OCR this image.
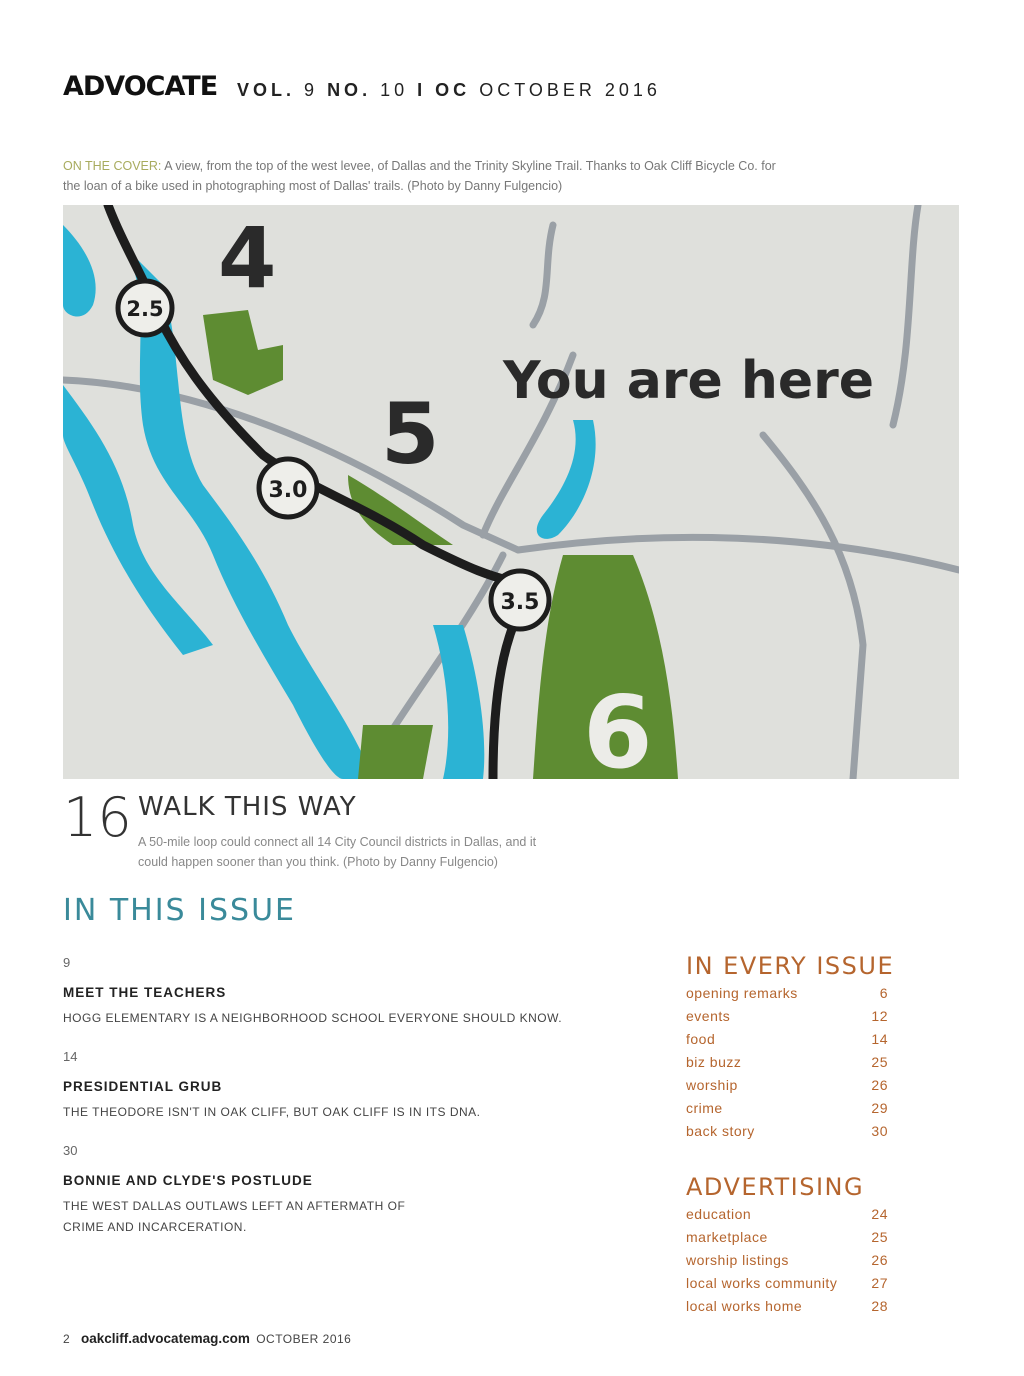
ADVOCATE VOL. 9 NO. 10 I OC OCTOBER 2016
ON THE COVER: A view, from the top of the west levee, of Dallas and the Trinity Skyline Trail. Thanks to Oak Cliff Bicycle Co. for the loan of a bike used in photographing most of Dallas' trails. (Photo by Danny Fulgencio)
2.5
3.0
3.5
4
5
6
You are here
16 WALK THIS WAY
A 50-mile loop could connect all 14 City Council districts in Dallas, and it could happen sooner than you think. (Photo by Danny Fulgencio)
IN THIS ISSUE
9
MEET THE TEACHERS
HOGG ELEMENTARY IS A NEIGHBORHOOD SCHOOL EVERYONE SHOULD KNOW.
14
PRESIDENTIAL GRUB
THE THEODORE ISN'T IN OAK CLIFF, BUT OAK CLIFF IS IN ITS DNA.
30
BONNIE AND CLYDE'S POSTLUDE
THE WEST DALLAS OUTLAWS LEFT AN AFTERMATH OF
CRIME AND INCARCERATION.
IN EVERY ISSUE
opening remarks	6
events	12
food	14
biz buzz	25
worship	26
crime	29
back story	30
ADVERTISING
education	24
marketplace	25
worship listings	26
local works community 27
local works home	28
2 oakcliff.advocatemag.com OCTOBER 2016
